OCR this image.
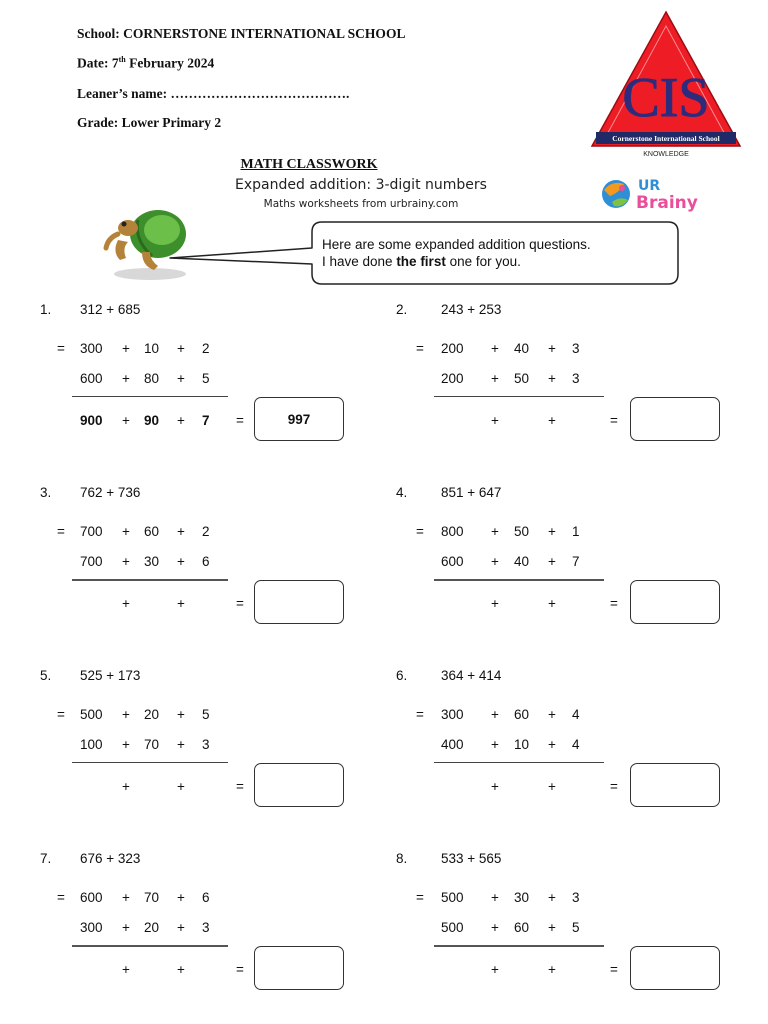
School: CORNERSTONE INTERNATIONAL SCHOOL
Date: 7th February 2024
Leaner’s name: ………………………………….
Grade: Lower Primary 2	CIS
Cornerstone International School
KNOWLEDGE
MATH CLASSWORK
Expanded addition: 3-digit numbers
Maths worksheets from urbrainy.com
UR
Brainy
Here are some expanded addition questions.
I have done the first one for you.
1. 312 + 685
= 300 + 10 + 2
600 + 80 + 5
900 + 90 + 7 =	997
2. 243 + 253
= 200 + 40 + 3
200 + 50 + 3
+	+	=
3. 762 + 736
= 700 + 60 + 2
700 + 30 + 6
+	+	=
4. 851 + 647
= 800 + 50 + 1
600 + 40 + 7
+	+	=
5. 525 + 173
= 500 + 20 + 5
100 + 70 + 3
+	+	=
6. 364 + 414
= 300 + 60 + 4
400 + 10 + 4
+	+	=
7. 676 + 323
= 600 + 70 + 6
300 + 20 + 3
+	+	=
8. 533 + 565
= 500 + 30 + 3
500 + 60 + 5
+	+	=
